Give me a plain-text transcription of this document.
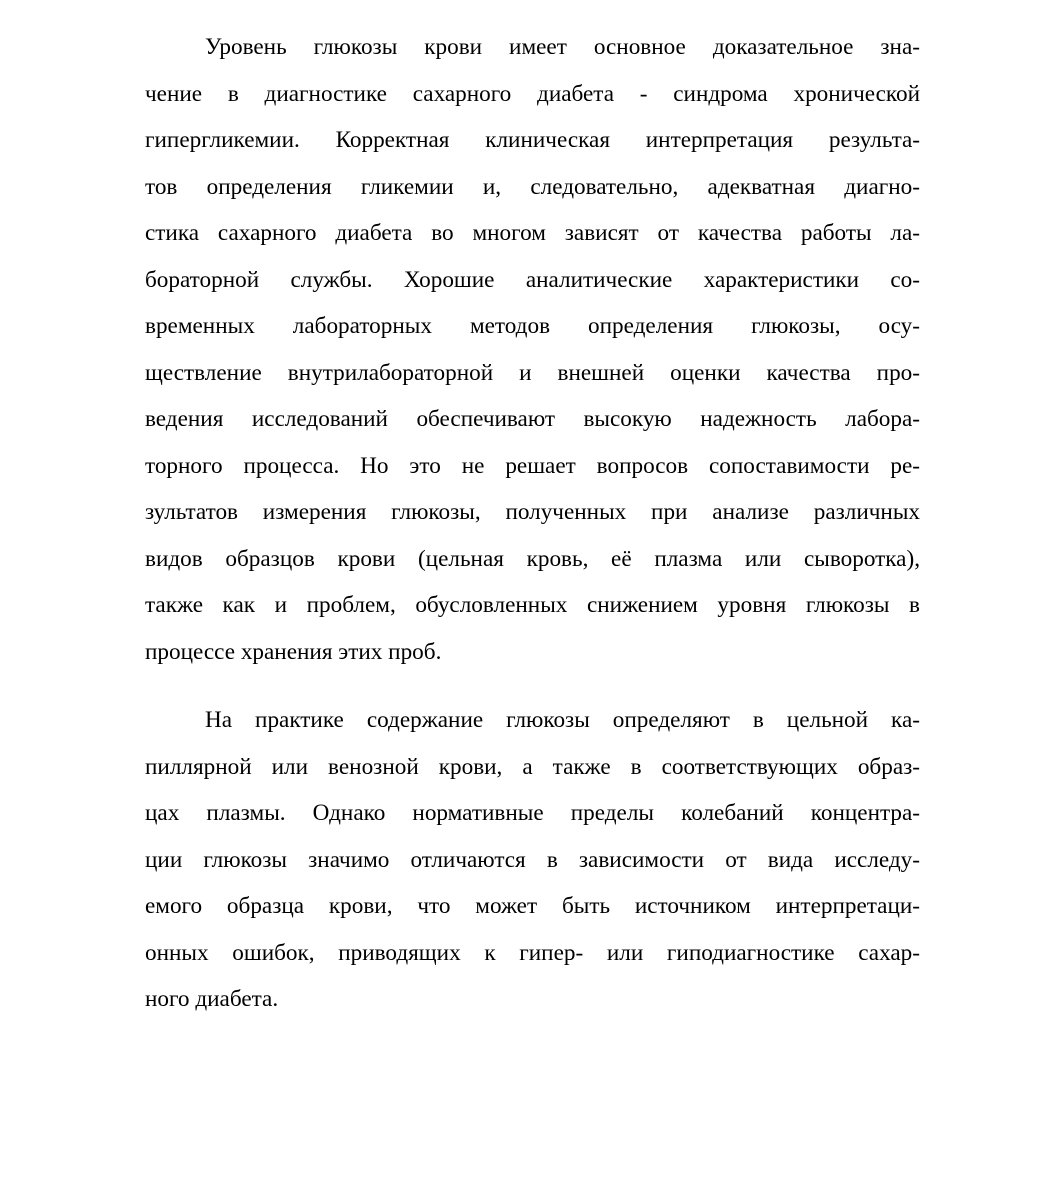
Уровень глюкозы крови имеет основное доказательное зна-
чение в диагностике сахарного диабета - синдрома хронической
гипергликемии. Корректная клиническая интерпретация результа-
тов определения гликемии и, следовательно, адекватная диагно-
стика сахарного диабета во многом зависят от качества работы ла-
бораторной службы. Хорошие аналитические характеристики со-
временных лабораторных методов определения глюкозы, осу-
ществление внутрилабораторной и внешней оценки качества про-
ведения исследований обеспечивают высокую надежность лабора-
торного процесса. Но это не решает вопросов сопоставимости ре-
зультатов измерения глюкозы, полученных при анализе различных
видов образцов крови (цельная кровь, её плазма или сыворотка),
также как и проблем, обусловленных снижением уровня глюкозы в
процессе хранения этих проб.
На практике содержание глюкозы определяют в цельной ка-
пиллярной или венозной крови, а также в соответствующих образ-
цах плазмы. Однако нормативные пределы колебаний концентра-
ции глюкозы значимо отличаются в зависимости от вида исследу-
емого образца крови, что может быть источником интерпретаци-
онных ошибок, приводящих к гипер- или гиподиагностике сахар-
ного диабета.
